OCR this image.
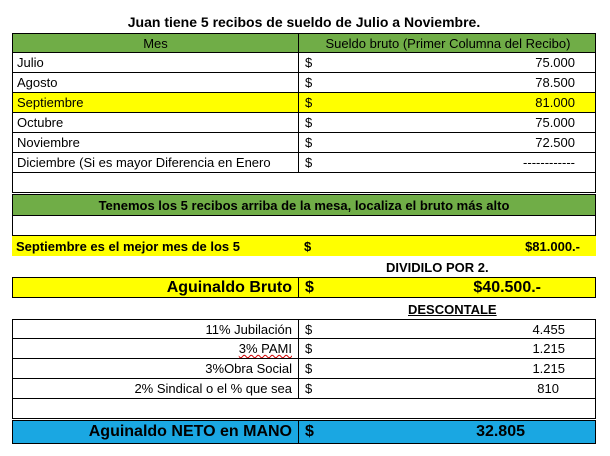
Juan tiene 5 recibos de sueldo de Julio a Noviembre.
Mes	Sueldo bruto (Primer Columna del Recibo)
Julio	$	75.000
Agosto	$	78.500
Septiembre	$	81.000
Octubre	$	75.000
Noviembre	$	72.500
Diciembre (Si es mayor Diferencia en Enero	$	------------
Tenemos los 5 recibos arriba de la mesa, localiza el bruto más alto
Septiembre es el mejor mes de los 5	$	$81.000.-
DIVIDILO POR 2.
Aguinaldo Bruto $	$40.500.-
DESCONTALE
11% Jubilación	$	4.455
3% PAMI $	1.215
3%Obra Social	$	1.215
2% Sindical o el % que sea	$	810
Aguinaldo NETO en MANO $	32.805
